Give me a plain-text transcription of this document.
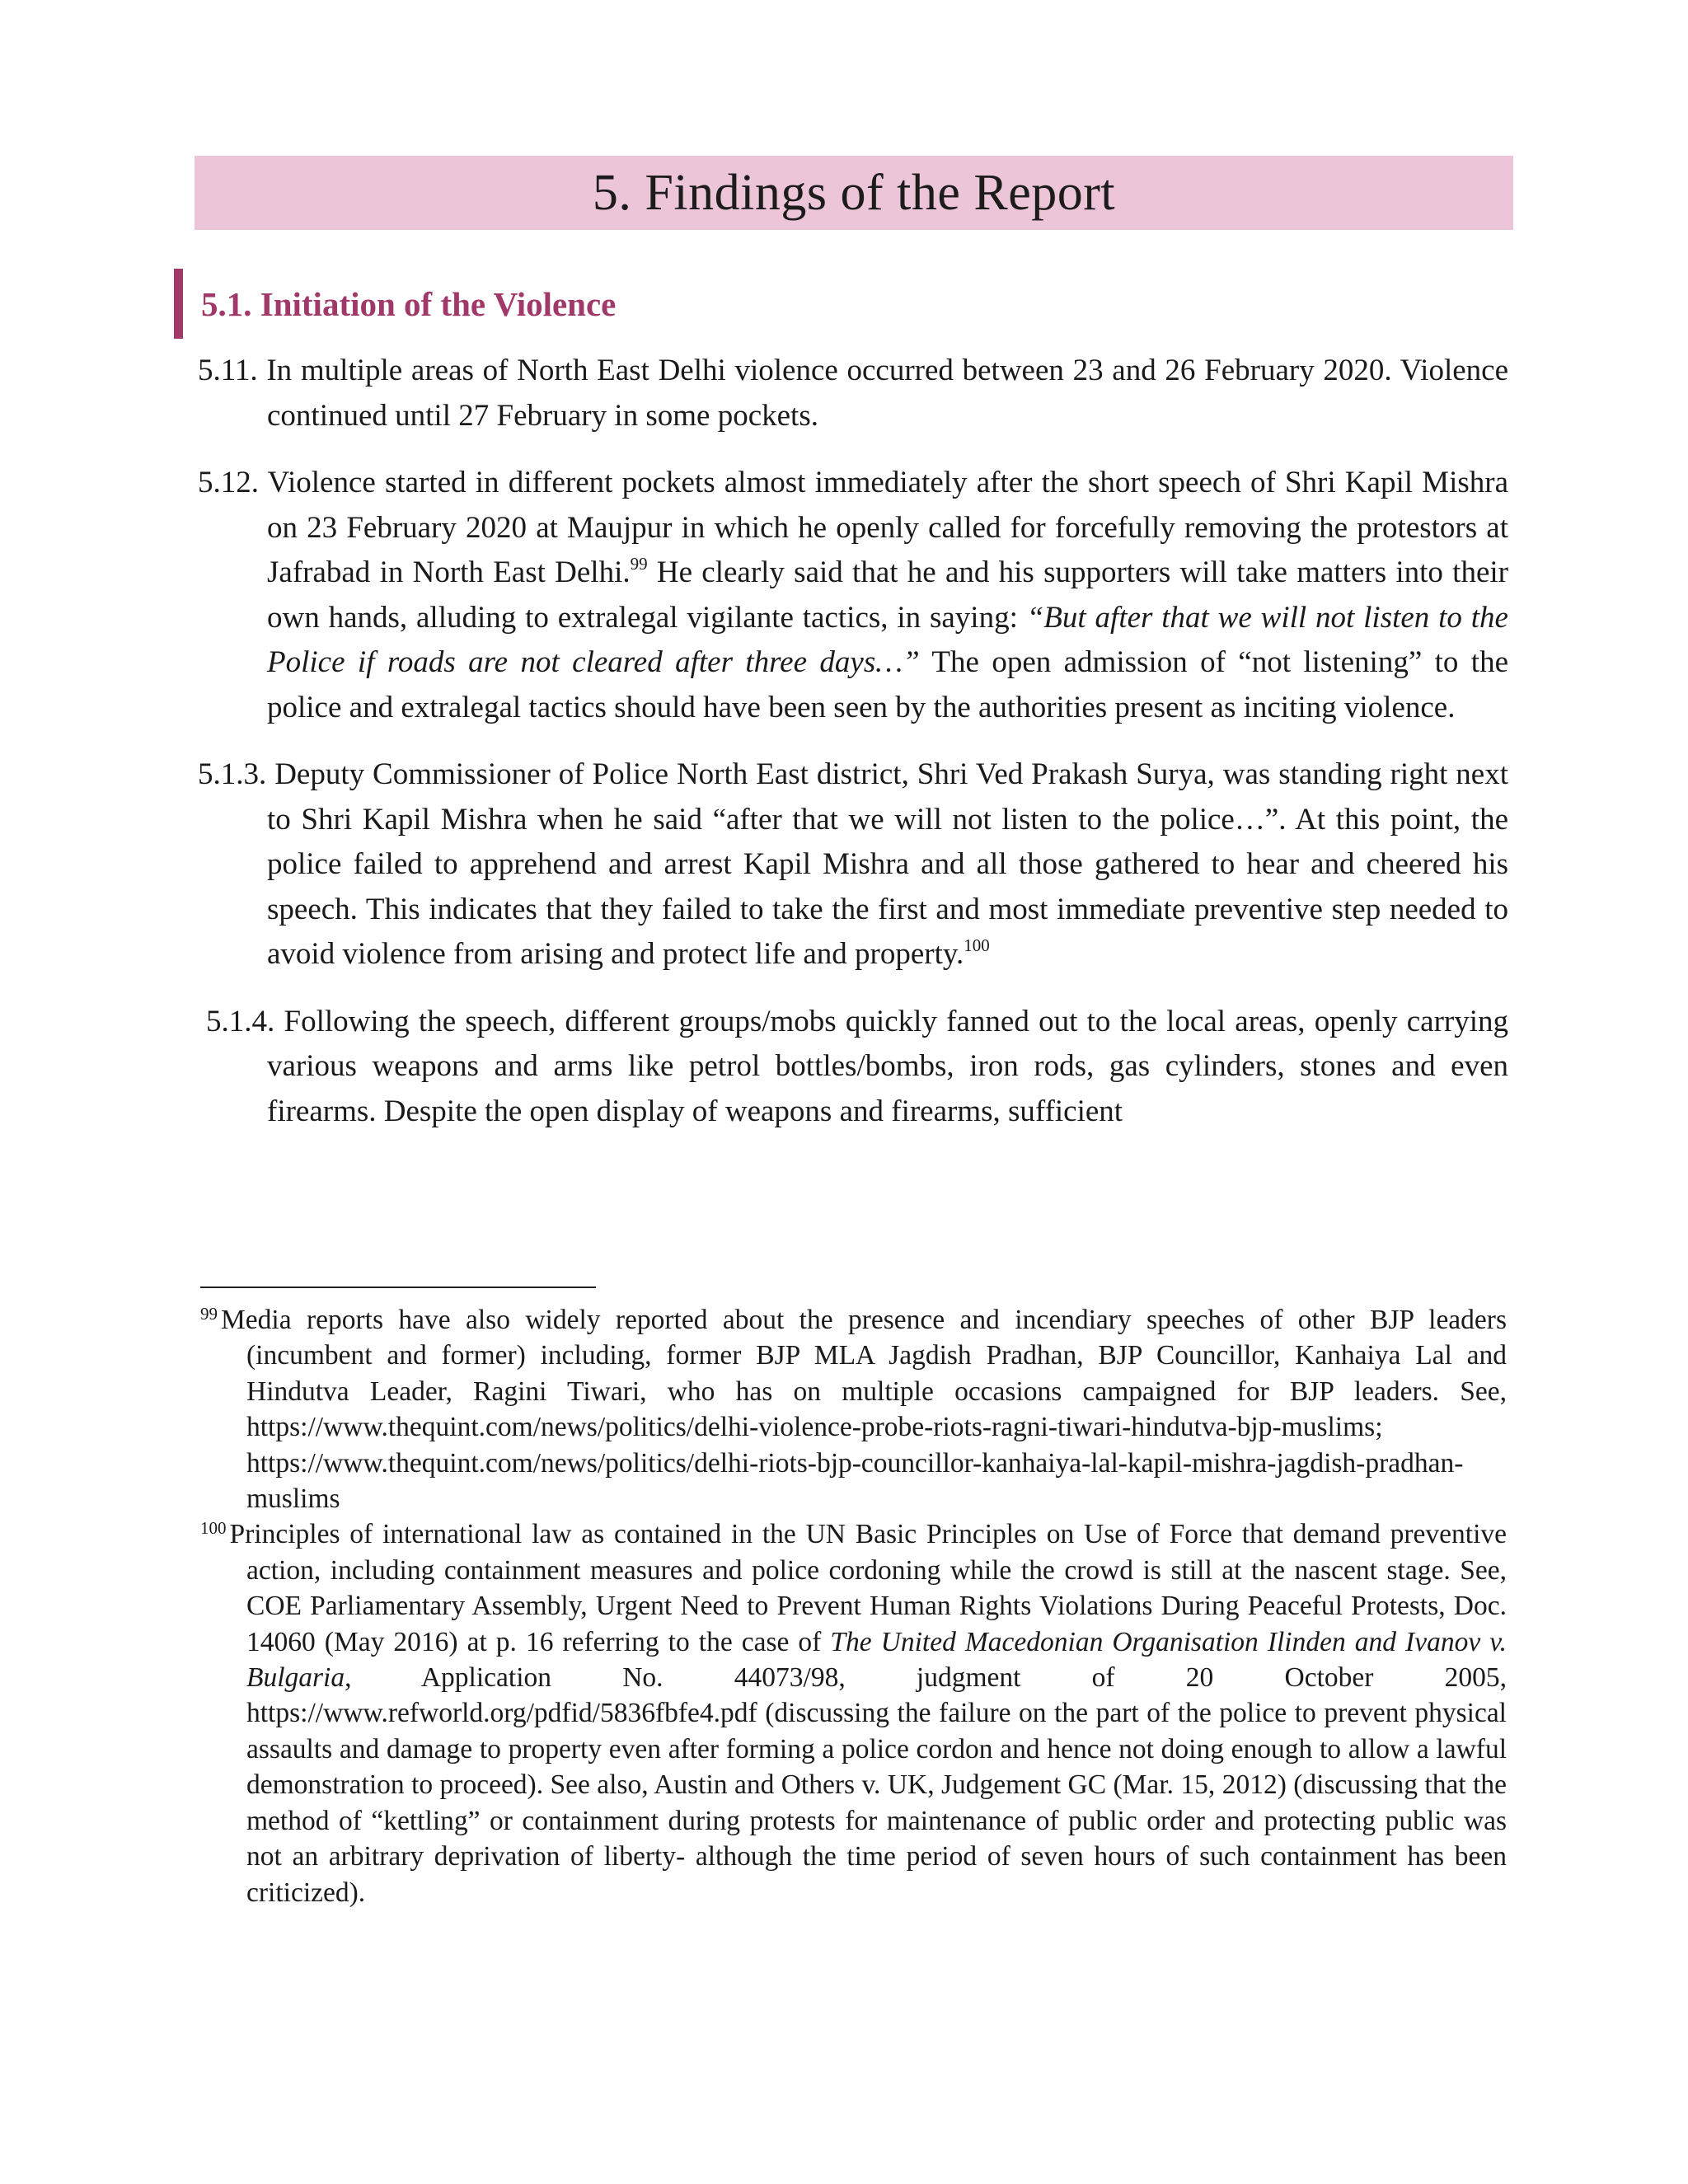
5. Findings of the Report
5.1. Initiation of the Violence

5.11. In multiple areas of North East Delhi violence occurred between 23 and 26 February 2020. Violence continued until 27 February in some pockets.

5.12. Violence started in different pockets almost immediately after the short speech of Shri Kapil Mishra on 23 February 2020 at Maujpur in which he openly called for forcefully removing the protestors at Jafrabad in North East Delhi.$^{99}$ He clearly said that he and his supporters will take matters into their own hands, alluding to extralegal vigilante tactics, in saying: “But after that we will not listen to the Police if roads are not cleared after three days…” The open admission of “not listening” to the police and extralegal tactics should have been seen by the authorities present as inciting violence.

5.1.3. Deputy Commissioner of Police North East district, Shri Ved Prakash Surya, was standing right next to Shri Kapil Mishra when he said “after that we will not listen to the police…”. At this point, the police failed to apprehend and arrest Kapil Mishra and all those gathered to hear and cheered his speech. This indicates that they failed to take the first and most immediate preventive step needed to avoid violence from arising and protect life and property.$^{100}$

5.1.4. Following the speech, different groups/mobs quickly fanned out to the local areas, openly carrying various weapons and arms like petrol bottles/bombs, iron rods, gas cylinders, stones and even firearms. Despite the open display of weapons and firearms, sufficient

$^{99}$ Media reports have also widely reported about the presence and incendiary speeches of other BJP leaders (incumbent and former) including, former BJP MLA Jagdish Pradhan, BJP Councillor, Kanhaiya Lal and Hindutva Leader, Ragini Tiwari, who has on multiple occasions campaigned for BJP leaders. See, https://www.thequint.com/news/politics/delhi-violence-probe-riots-ragni-tiwari-hindutva-bjp-muslims; https://www.thequint.com/news/politics/delhi-riots-bjp-councillor-kanhaiya-lal-kapil-mishra-jagdish-pradhan-muslims

$^{100}$ Principles of international law as contained in the UN Basic Principles on Use of Force that demand preventive action, including containment measures and police cordoning while the crowd is still at the nascent stage. See, COE Parliamentary Assembly, Urgent Need to Prevent Human Rights Violations During Peaceful Protests, Doc. 14060 (May 2016) at p. 16 referring to the case of The United Macedonian Organisation Ilinden and Ivanov v. Bulgaria, Application No. 44073/98, judgment of 20 October 2005, https://www.refworld.org/pdfid/5836fbfe4.pdf (discussing the failure on the part of the police to prevent physical assaults and damage to property even after forming a police cordon and hence not doing enough to allow a lawful demonstration to proceed). See also, Austin and Others v. UK, Judgement GC (Mar. 15, 2012) (discussing that the method of “kettling” or containment during protests for maintenance of public order and protecting public was not an arbitrary deprivation of liberty- although the time period of seven hours of such containment has been criticized).
